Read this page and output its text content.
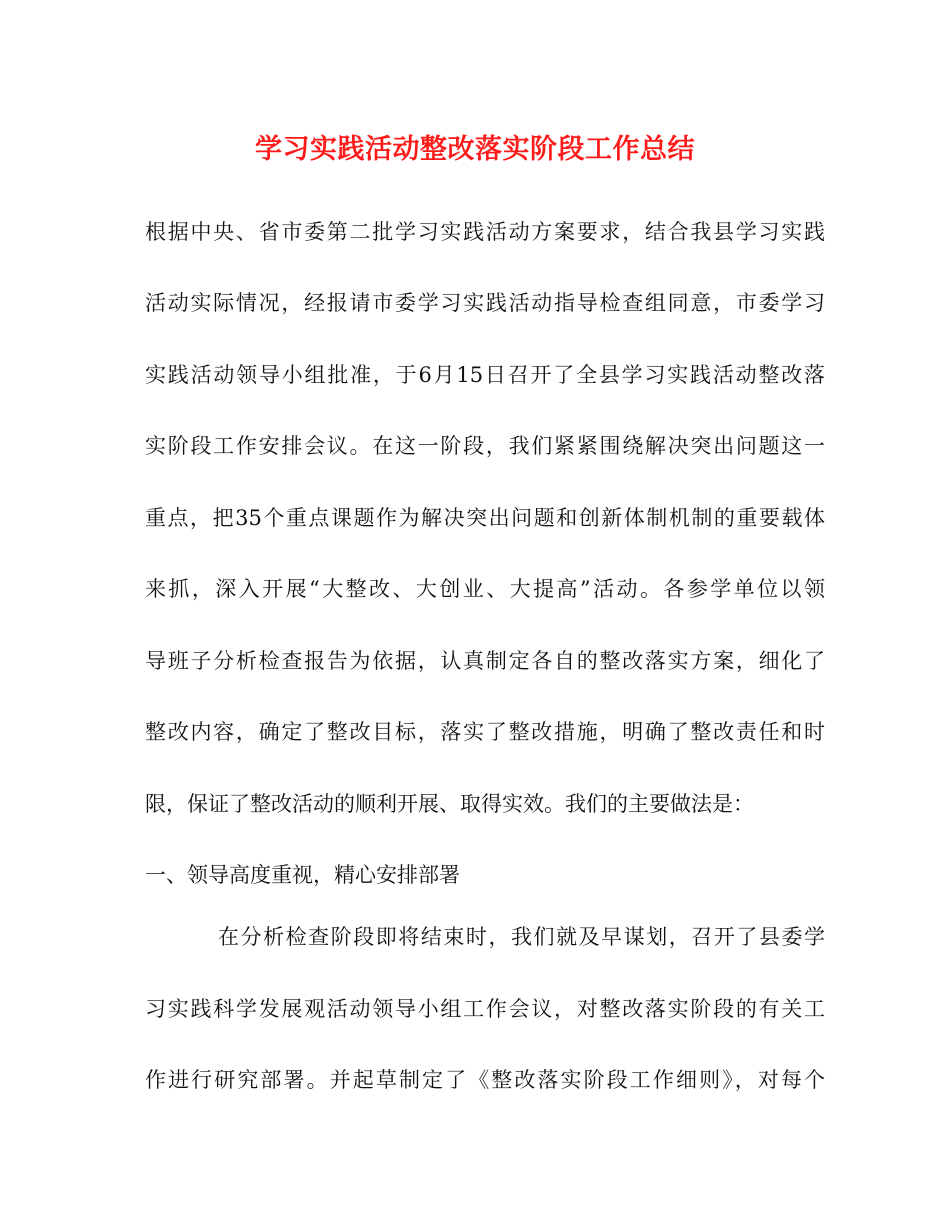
学习实践活动整改落实阶段工作总结
根据中央、省市委第二批学习实践活动方案要求，结合我县学习实践
活动实际情况，经报请市委学习实践活动指导检查组同意，市委学习
实践活动领导小组批准，于6月15日召开了全县学习实践活动整改落
实阶段工作安排会议。在这一阶段，我们紧紧围绕解决突出问题这一
重点，把35个重点课题作为解决突出问题和创新体制机制的重要载体
来抓，深入开展“大整改、大创业、大提高”活动。各参学单位以领
导班子分析检查报告为依据，认真制定各自的整改落实方案，细化了
整改内容，确定了整改目标，落实了整改措施，明确了整改责任和时
限，保证了整改活动的顺利开展、取得实效。我们的主要做法是：
一、领导高度重视，精心安排部署
在分析检查阶段即将结束时，我们就及早谋划，召开了县委学
习实践科学发展观活动领导小组工作会议，对整改落实阶段的有关工
作进行研究部署。并起草制定了《整改落实阶段工作细则》，对每个
